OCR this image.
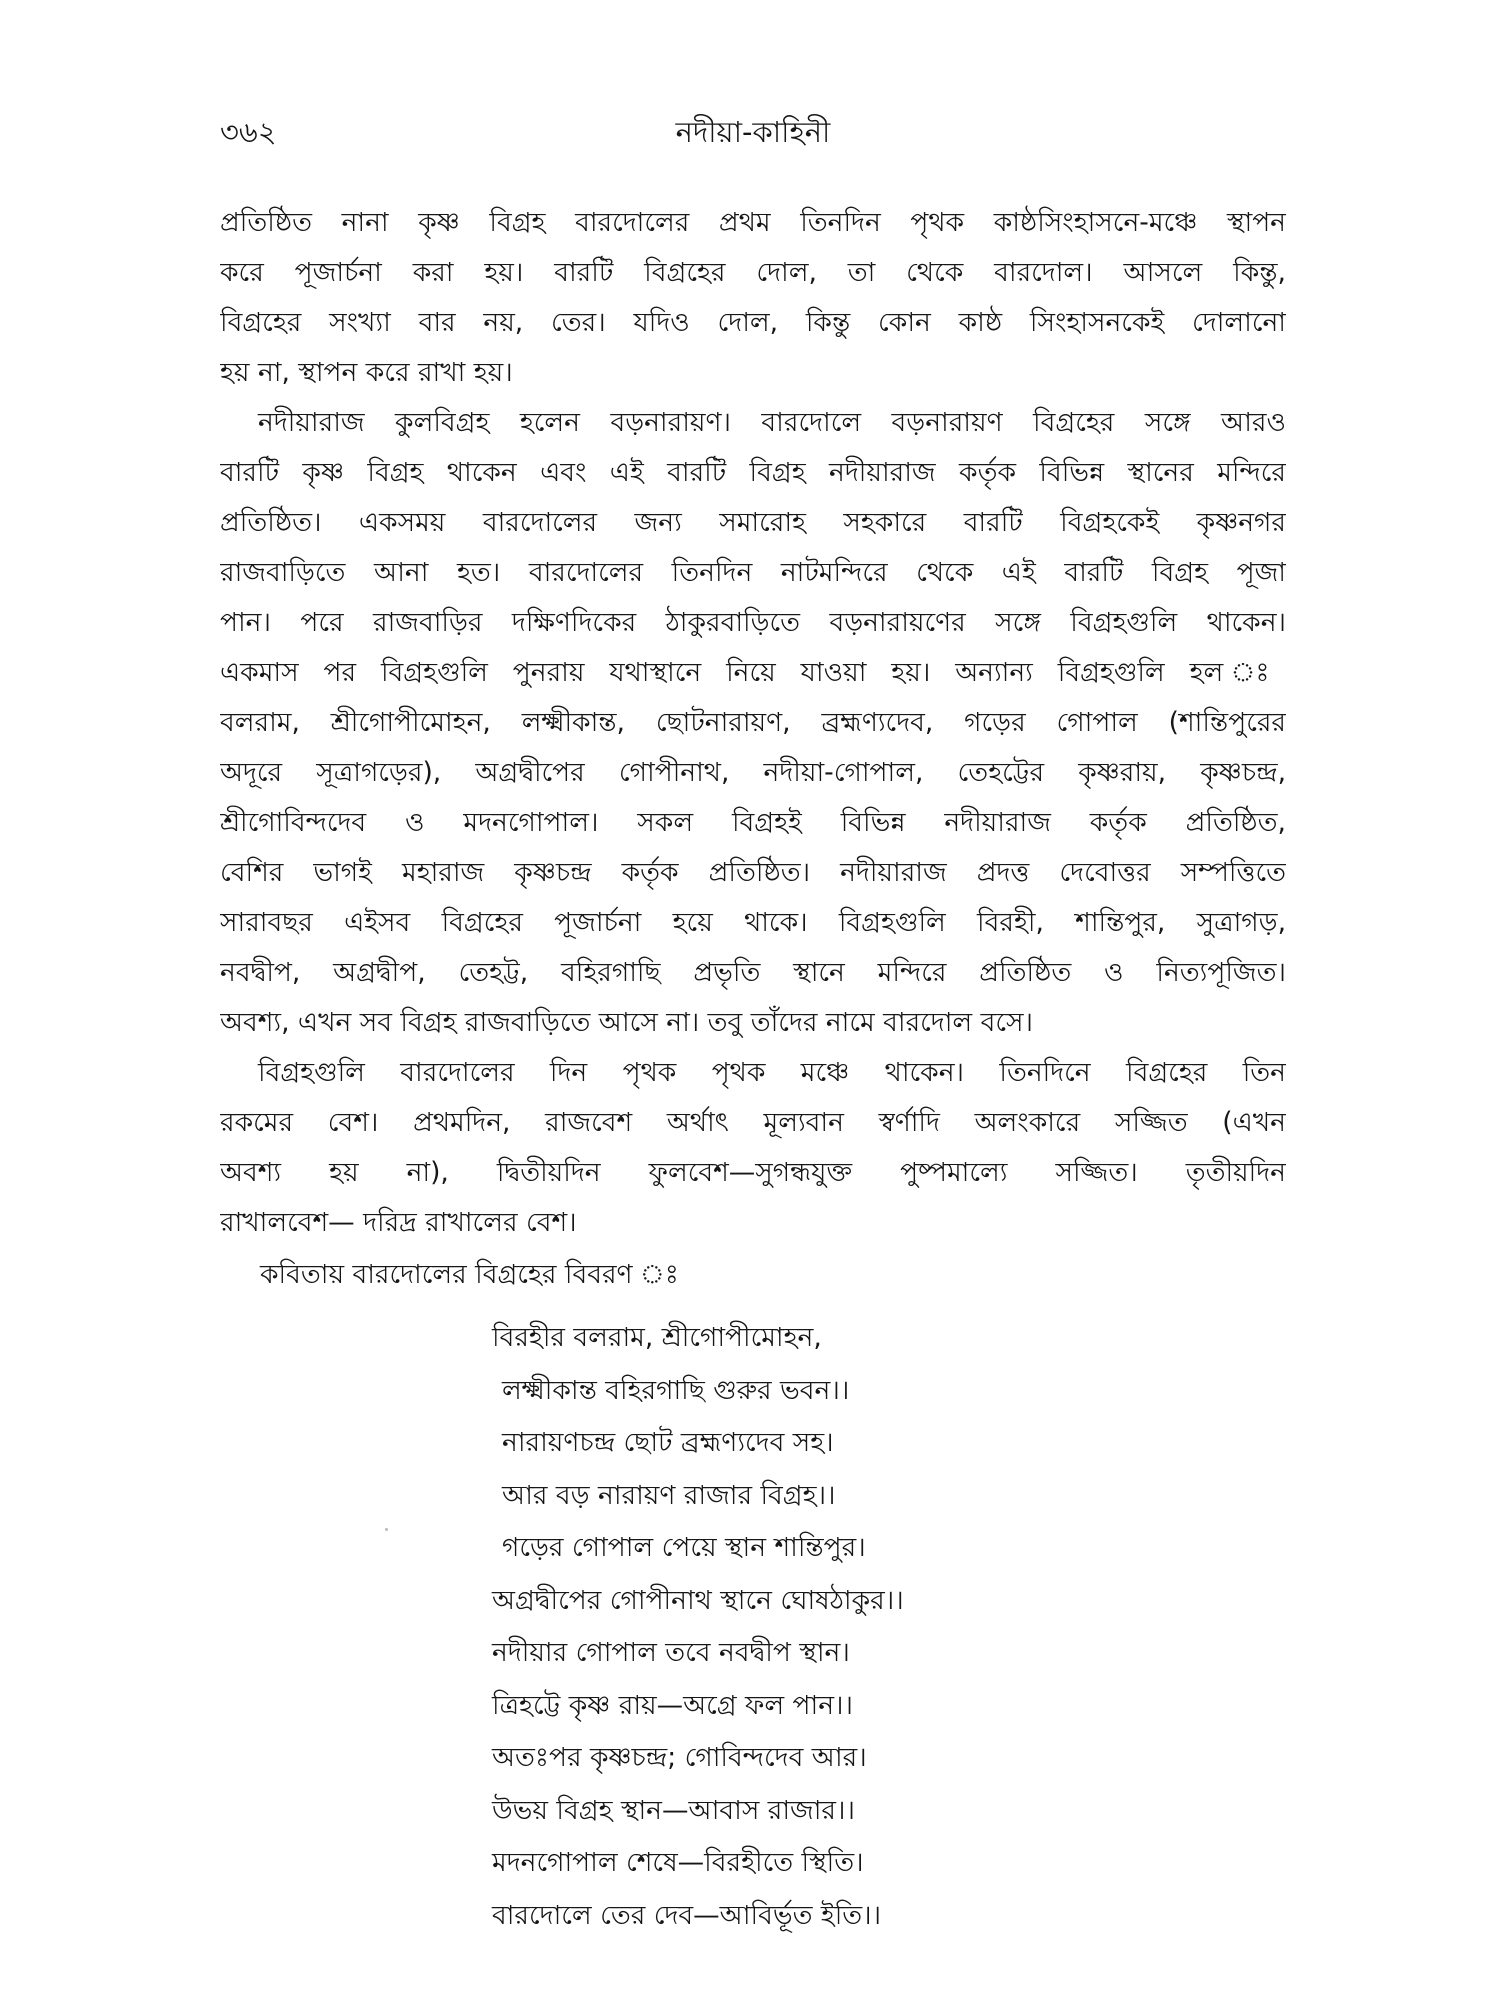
নদীয়া-কাহিনী
৩৬২
প্রতিষ্ঠিত নানা কৃষ্ণ বিগ্রহ বারদোলের প্রথম তিনদিন পৃথক কাষ্ঠসিংহাসনে-মঞ্চে স্থাপন
করে পূজার্চনা করা হয়। বারটি বিগ্রহের দোল, তা থেকে বারদোল। আসলে কিন্তু,
বিগ্রহের সংখ্যা বার নয়, তের। যদিও দোল, কিন্তু কোন কাষ্ঠ সিংহাসনকেই দোলানো
হয় না, স্থাপন করে রাখা হয়।
নদীয়ারাজ কুলবিগ্রহ হলেন বড়নারায়ণ। বারদোলে বড়নারায়ণ বিগ্রহের সঙ্গে আরও
বারটি কৃষ্ণ বিগ্রহ থাকেন এবং এই বারটি বিগ্রহ নদীয়ারাজ কর্তৃক বিভিন্ন স্থানের মন্দিরে
প্রতিষ্ঠিত। একসময় বারদোলের জন্য সমারোহ সহকারে বারটি বিগ্রহকেই কৃষ্ণনগর
রাজবাড়িতে আনা হত। বারদোলের তিনদিন নাটমন্দিরে থেকে এই বারটি বিগ্রহ পূজা
পান। পরে রাজবাড়ির দক্ষিণদিকের ঠাকুরবাড়িতে বড়নারায়ণের সঙ্গে বিগ্রহগুলি থাকেন।
একমাস পর বিগ্রহগুলি পুনরায় যথাস্থানে নিয়ে যাওয়া হয়। অন্যান্য বিগ্রহগুলি হল ঃ
বলরাম, শ্রীগোপীমোহন, লক্ষ্মীকান্ত, ছোটনারায়ণ, ব্রহ্মণ্যদেব, গড়ের গোপাল (শান্তিপুরের
অদূরে সূত্রাগড়ের), অগ্রদ্বীপের গোপীনাথ, নদীয়া-গোপাল, তেহট্টের কৃষ্ণরায়, কৃষ্ণচন্দ্র,
শ্রীগোবিন্দদেব ও মদনগোপাল। সকল বিগ্রহই বিভিন্ন নদীয়ারাজ কর্তৃক প্রতিষ্ঠিত,
বেশির ভাগই মহারাজ কৃষ্ণচন্দ্র কর্তৃক প্রতিষ্ঠিত। নদীয়ারাজ প্রদত্ত দেবোত্তর সম্পত্তিতে
সারাবছর এইসব বিগ্রহের পূজার্চনা হয়ে থাকে। বিগ্রহগুলি বিরহী, শান্তিপুর, সুত্রাগড়,
নবদ্বীপ, অগ্রদ্বীপ, তেহট্ট, বহিরগাছি প্রভৃতি স্থানে মন্দিরে প্রতিষ্ঠিত ও নিত্যপূজিত।
অবশ্য, এখন সব বিগ্রহ রাজবাড়িতে আসে না। তবু তাঁদের নামে বারদোল বসে।
বিগ্রহগুলি বারদোলের দিন পৃথক পৃথক মঞ্চে থাকেন। তিনদিনে বিগ্রহের তিন
রকমের বেশ। প্রথমদিন, রাজবেশ অর্থাৎ মূল্যবান স্বর্ণাদি অলংকারে সজ্জিত (এখন
অবশ্য হয় না), দ্বিতীয়দিন ফুলবেশ—সুগন্ধযুক্ত পুষ্পমাল্যে সজ্জিত। তৃতীয়দিন
রাখালবেশ— দরিদ্র রাখালের বেশ।
কবিতায় বারদোলের বিগ্রহের বিবরণ ঃ
বিরহীর বলরাম, শ্রীগোপীমোহন,
লক্ষ্মীকান্ত বহিরগাছি গুরুর ভবন।।
নারায়ণচন্দ্র ছোট ব্রহ্মণ্যদেব সহ।
আর বড় নারায়ণ রাজার বিগ্রহ।।
গড়ের গোপাল পেয়ে স্থান শান্তিপুর।
অগ্রদ্বীপের গোপীনাথ স্থানে ঘোষঠাকুর।।
নদীয়ার গোপাল তবে নবদ্বীপ স্থান।
ত্রিহট্টে কৃষ্ণ রায়—অগ্রে ফল পান।।
অতঃপর কৃষ্ণচন্দ্র; গোবিন্দদেব আর।
উভয় বিগ্রহ স্থান—আবাস রাজার।।
মদনগোপাল শেষে—বিরহীতে স্থিতি।
বারদোলে তের দেব—আবির্ভূত ইতি।।
